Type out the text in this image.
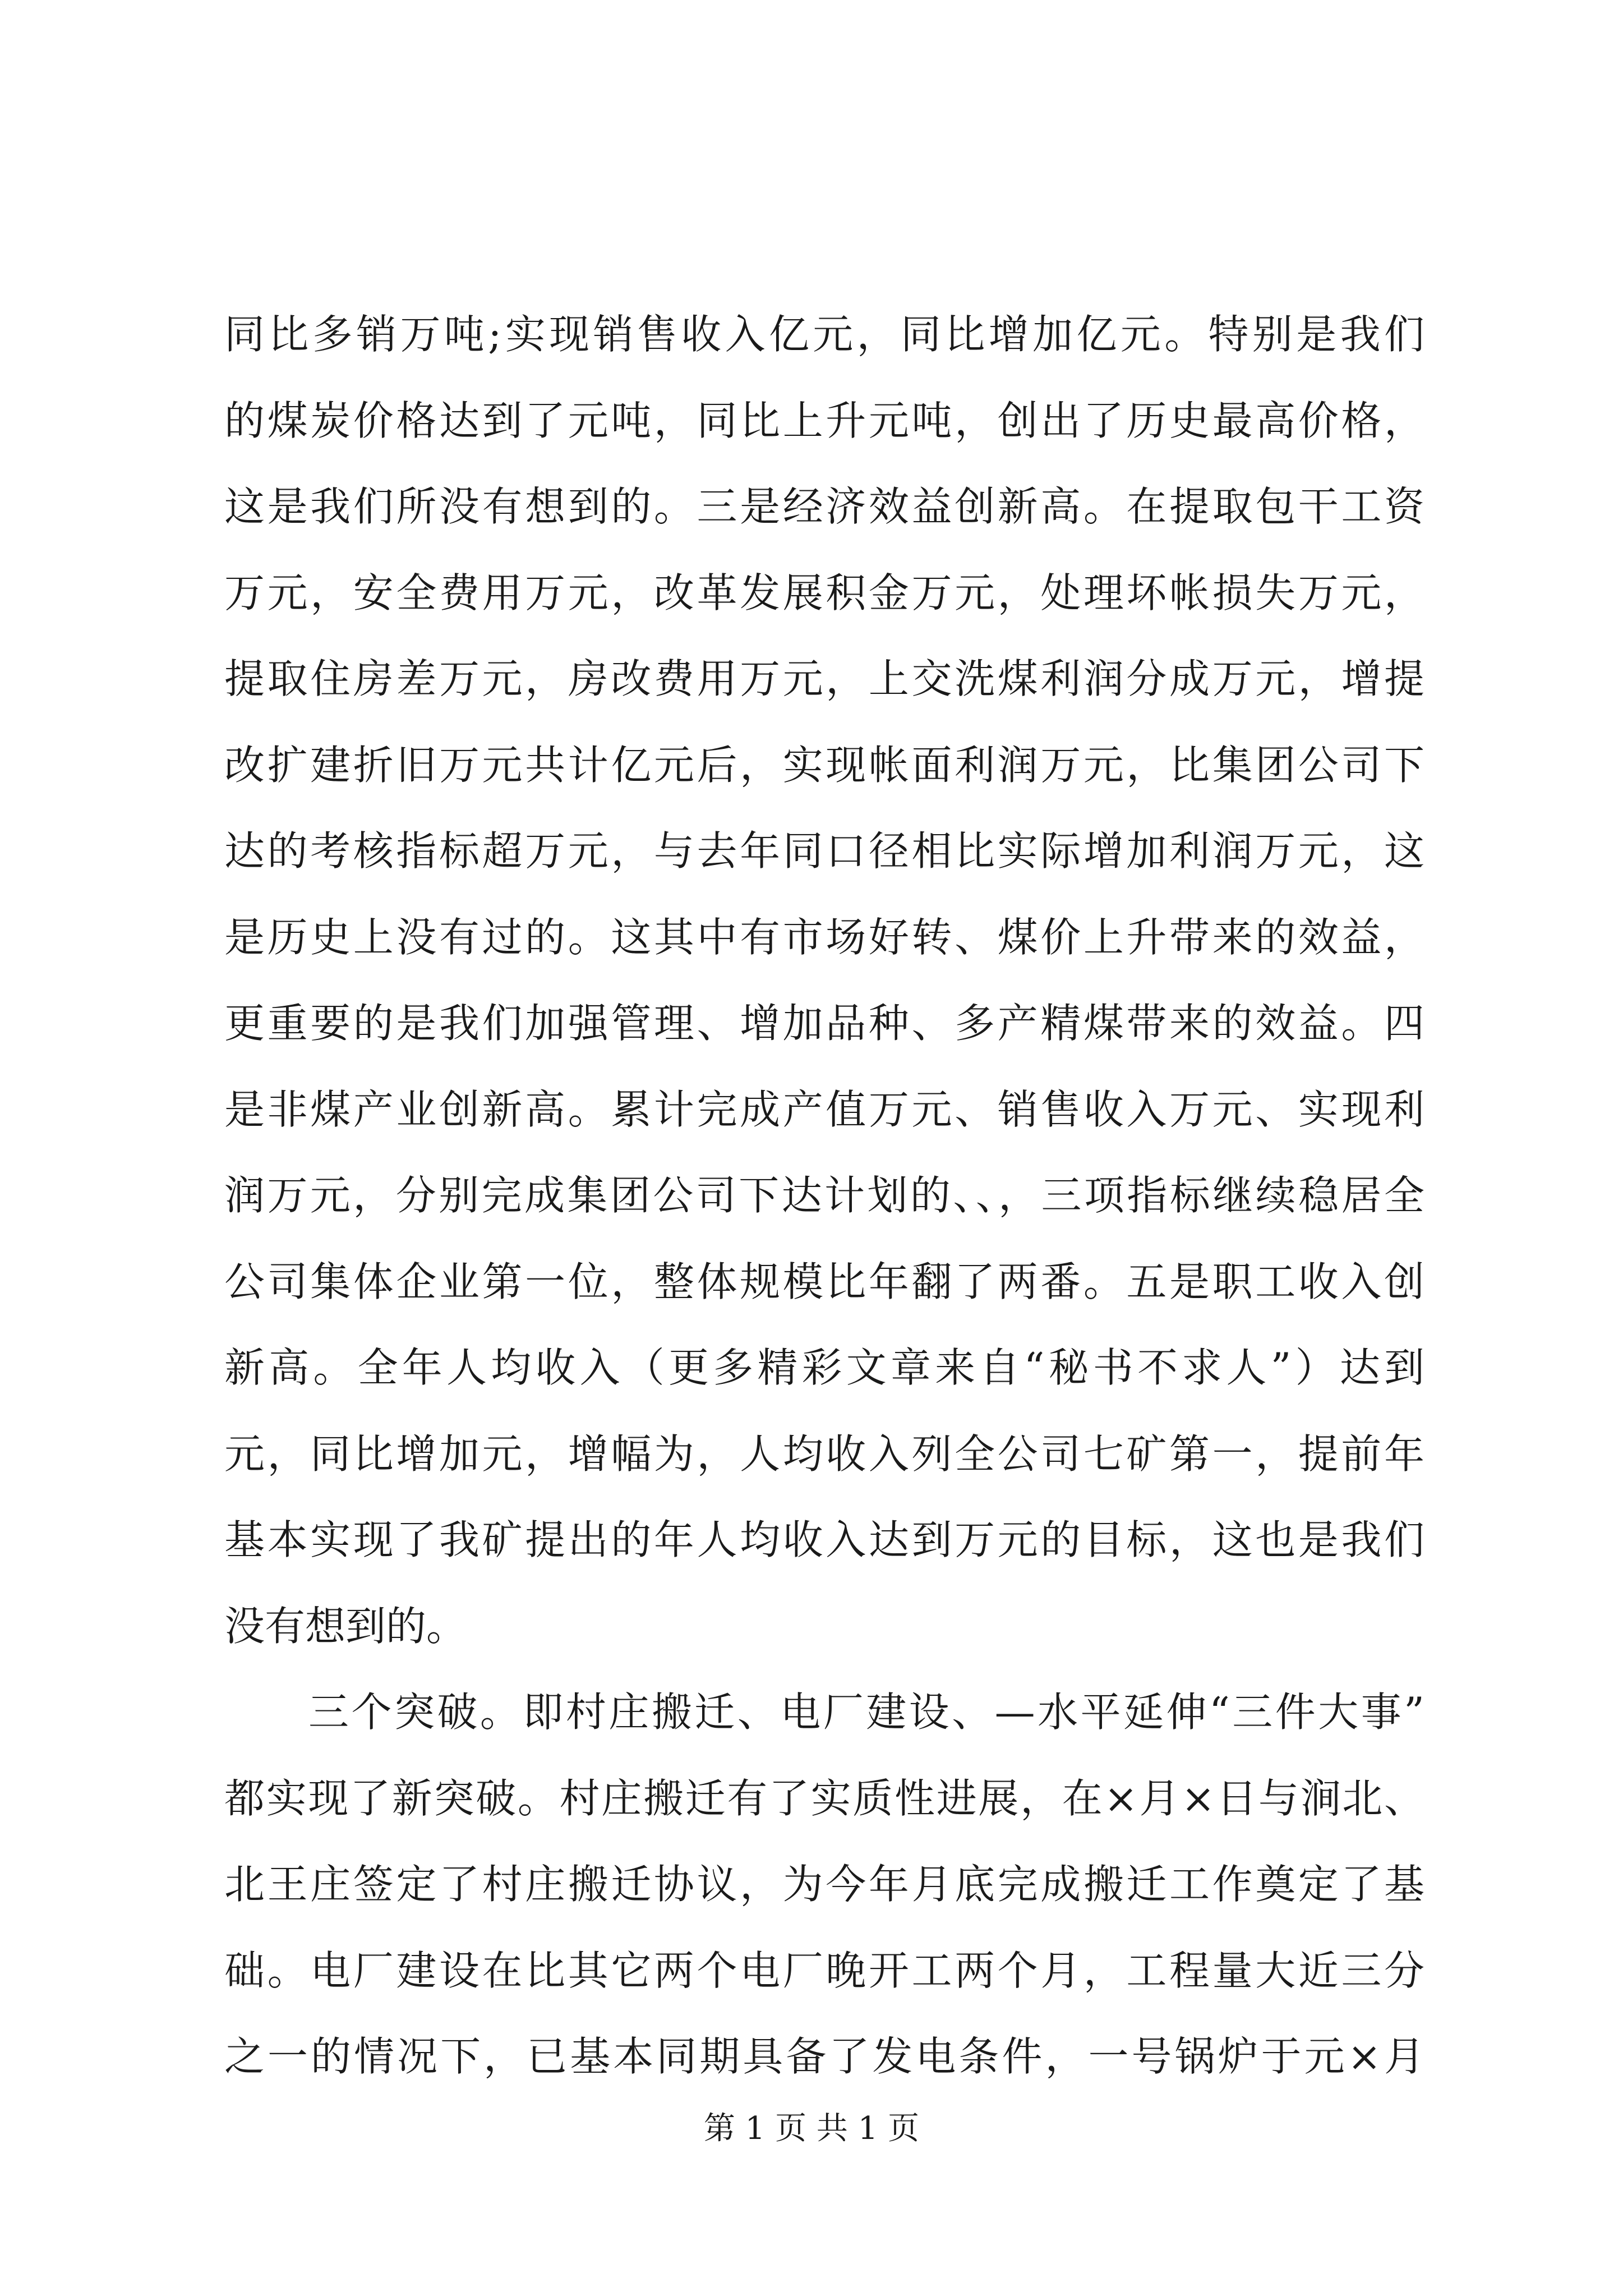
同比多销万吨;实现销售收入亿元，同比增加亿元。特别是我们
的煤炭价格达到了元吨，同比上升元吨，创出了历史最高价格，
这是我们所没有想到的。三是经济效益创新高。在提取包干工资
万元，安全费用万元，改革发展积金万元，处理坏帐损失万元，
提取住房差万元，房改费用万元，上交洗煤利润分成万元，增提
改扩建折旧万元共计亿元后，实现帐面利润万元，比集团公司下
达的考核指标超万元，与去年同口径相比实际增加利润万元，这
是历史上没有过的。这其中有市场好转、煤价上升带来的效益，
更重要的是我们加强管理、增加品种、多产精煤带来的效益。四
是非煤产业创新高。累计完成产值万元、销售收入万元、实现利
润万元，分别完成集团公司下达计划的、、，三项指标继续稳居全
公司集体企业第一位，整体规模比年翻了两番。五是职工收入创
新高。全年人均收入（更多精彩文章来自“秘书不求人”）达到
元，同比增加元，增幅为，人均收入列全公司七矿第一，提前年
基本实现了我矿提出的年人均收入达到万元的目标，这也是我们
没有想到的。
三个突破。即村庄搬迁、电厂建设、—水平延伸“三件大事”
都实现了新突破。村庄搬迁有了实质性进展，在×月×日与涧北、
北王庄签定了村庄搬迁协议，为今年月底完成搬迁工作奠定了基
础。电厂建设在比其它两个电厂晚开工两个月，工程量大近三分
之一的情况下，已基本同期具备了发电条件，一号锅炉于元×月
第 1 页 共 1 页
